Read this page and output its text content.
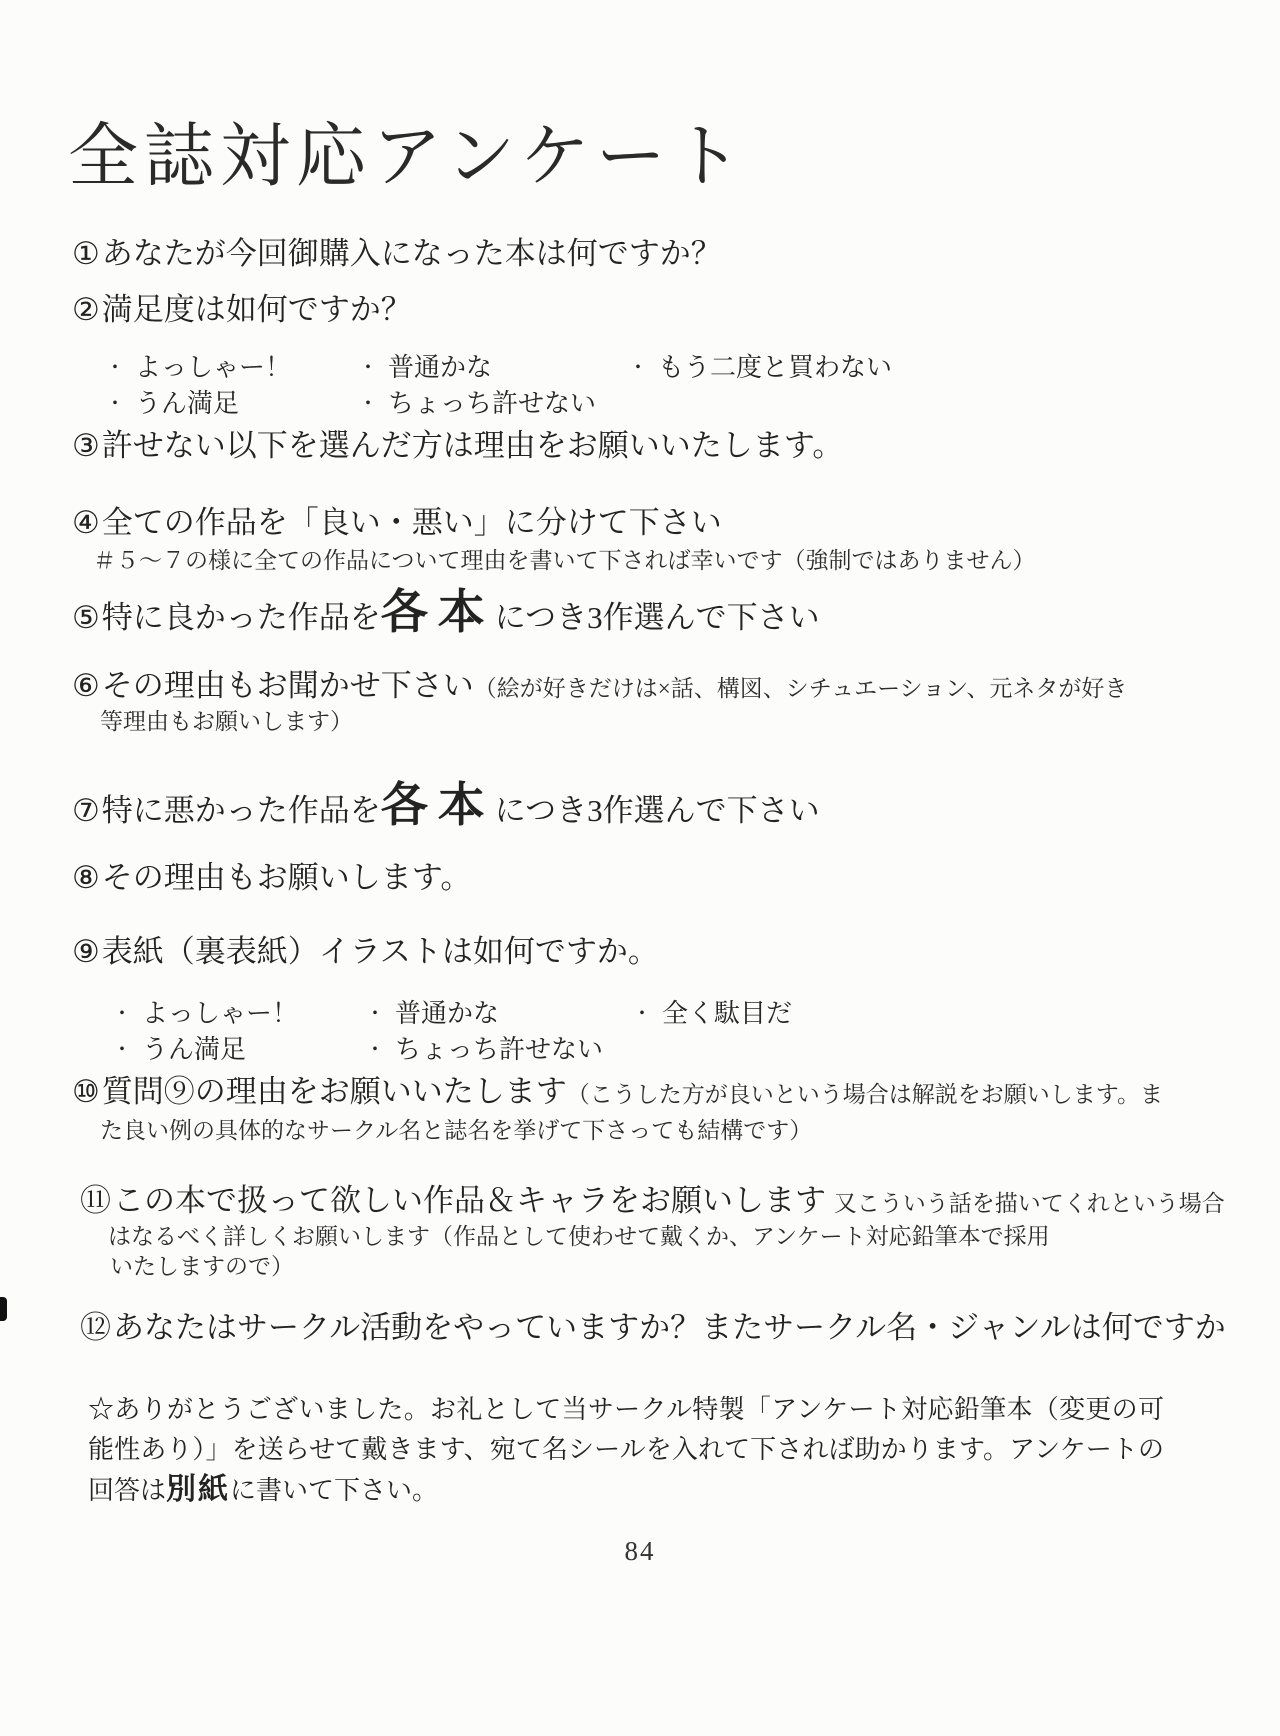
全誌対応アンケート
①あなたが今回御購入になった本は何ですか？
②満足度は如何ですか？
・ よっしゃー！
・ うん満足
・ 普通かな
・ ちょっち許せない
・ もう二度と買わない
③許せない以下を選んだ方は理由をお願いいたします。
④全ての作品を「良い・悪い」に分けて下さい
＃５～７の様に全ての作品について理由を書いて下されば幸いです（強制ではありません）
⑤特に良かった作品を各本につき3作選んで下さい
⑥その理由もお聞かせ下さい（絵が好きだけは×話、構図、シチュエーション、元ネタが好き
等理由もお願いします）
⑦特に悪かった作品を各本につき3作選んで下さい
⑧その理由もお願いします。
⑨表紙（裏表紙）イラストは如何ですか。
・ よっしゃー！
・ うん満足
・ 普通かな
・ ちょっち許せない
・ 全く駄目だ
⑩質問⑨の理由をお願いいたします（こうした方が良いという場合は解説をお願いします。ま
た良い例の具体的なサークル名と誌名を挙げて下さっても結構です）
⑪この本で扱って欲しい作品＆キャラをお願いします 又こういう話を描いてくれという場合
はなるべく詳しくお願いします（作品として使わせて戴くか、アンケート対応鉛筆本で採用
いたしますので）
⑫あなたはサークル活動をやっていますか？またサークル名・ジャンルは何ですか
☆ありがとうございました。お礼として当サークル特製「アンケート対応鉛筆本（変更の可能性あり）」を送らせて戴きます、宛て名シールを入れて下されば助かります。アンケートの回答は別紙に書いて下さい。
84
